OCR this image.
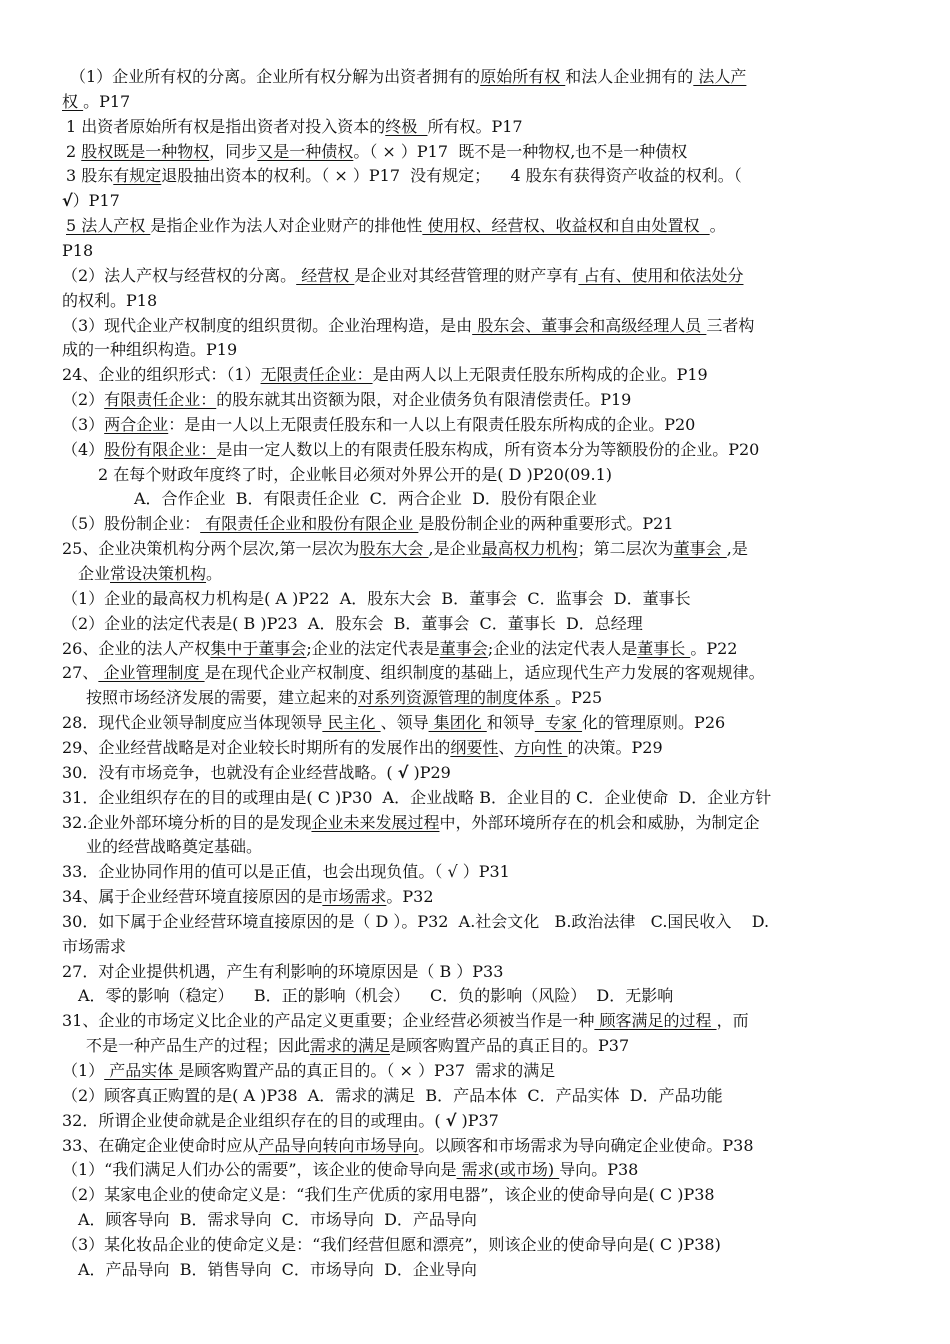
（1）企业所有权的分离。企业所有权分解为出资者拥有的原始所有权 和法人企业拥有的 法人产
权 。P17
1 出资者原始所有权是指出资者对投入资本的终极  所有权。P17
2 股权既是一种物权，同步又是一种债权。（ × ）P17  既不是一种物权,也不是一种债权
3 股东有规定退股抽出资本的权利。（ × ）P17  没有规定；    4 股东有获得资产收益的权利。（
√）P17
5 法人产权 是指企业作为法人对企业财产的排他性 使用权、经营权、收益权和自由处置权  。
P18
（2）法人产权与经营权的分离。 经营权 是企业对其经营管理的财产享有 占有、使用和依法处分
的权利。P18
（3）现代企业产权制度的组织贯彻。企业治理构造，是由 股东会、董事会和高级经理人员 三者构
成的一种组织构造。P19
24、企业的组织形式：（1）无限责任企业：是由两人以上无限责任股东所构成的企业。P19
（2）有限责任企业：的股东就其出资额为限，对企业债务负有限清偿责任。P19
（3）两合企业：是由一人以上无限责任股东和一人以上有限责任股东所构成的企业。P20
（4）股份有限企业：是由一定人数以上的有限责任股东构成，所有资本分为等额股份的企业。P20
2 在每个财政年度终了时，企业帐目必须对外界公开的是( D )P20(09.1)
A．合作企业  B．有限责任企业  C．两合企业  D．股份有限企业
（5）股份制企业： 有限责任企业和股份有限企业 是股份制企业的两种重要形式。P21
25、企业决策机构分两个层次,第一层次为股东大会 ,是企业最高权力机构；第二层次为董事会 ,是
企业常设决策机构。
（1）企业的最高权力机构是( A )P22  A．股东大会  B．董事会  C．监事会  D．董事长
（2）企业的法定代表是( B )P23  A．股东会  B．董事会  C．董事长  D．总经理
26、企业的法人产权集中于董事会;企业的法定代表是董事会;企业的法定代表人是董事长 。P22
27、 企业管理制度 是在现代企业产权制度、组织制度的基础上，适应现代生产力发展的客观规律。
按照市场经济发展的需要，建立起来的对系列资源管理的制度体系 。P25
28．现代企业领导制度应当体现领导 民主化 、领导 集团化 和领导  专家 化的管理原则。P26
29、企业经营战略是对企业较长时期所有的发展作出的纲要性、方向性 的决策。P29
30．没有市场竞争，也就没有企业经营战略。( √ )P29
31．企业组织存在的目的或理由是( C )P30  A．企业战略 B．企业目的 C．企业使命  D．企业方针
32.企业外部环境分析的目的是发现企业未来发展过程中，外部环境所存在的机会和威胁，为制定企
业的经营战略奠定基础。
33．企业协同作用的值可以是正值，也会出现负值。（ √ ）P31
34、属于企业经营环境直接原因的是市场需求。P32
30．如下属于企业经营环境直接原因的是（ D ）。P32  A.社会文化   B.政治法律   C.国民收入    D.
市场需求
27．对企业提供机遇，产生有利影响的环境原因是（ B ）P33
A．零的影响（稳定）    B．正的影响（机会）    C．负的影响（风险）  D．无影响
31、企业的市场定义比企业的产品定义更重要；企业经营必须被当作是一种 顾客满足的过程 ，而
不是一种产品生产的过程；因此需求的满足是顾客购置产品的真正目的。P37
（1） 产品实体 是顾客购置产品的真正目的。（ × ）P37  需求的满足
（2）顾客真正购置的是( A )P38  A．需求的满足  B．产品本体  C．产品实体  D．产品功能
32．所谓企业使命就是企业组织存在的目的或理由。( √ )P37
33、在确定企业使命时应从产品导向转向市场导向。以顾客和市场需求为导向确定企业使命。P38
（1）“我们满足人们办公的需要”，该企业的使命导向是 需求(或市场) 导向。P38
（2）某家电企业的使命定义是：“我们生产优质的家用电器”，该企业的使命导向是( C )P38
A．顾客导向  B．需求导向  C．市场导向  D．产品导向
（3）某化妆品企业的使命定义是：“我们经营但愿和漂亮”，则该企业的使命导向是( C )P38)
A．产品导向  B．销售导向  C．市场导向  D．企业导向
